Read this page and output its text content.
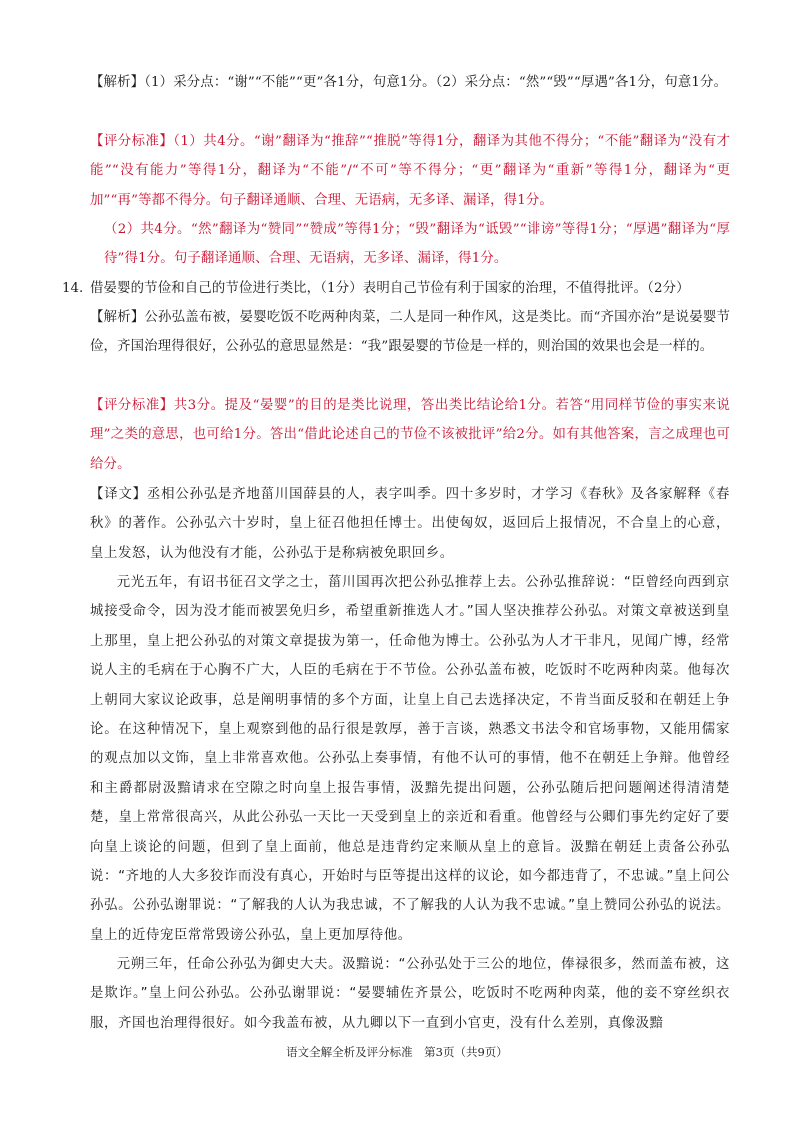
【解析】（1）采分点：“谢”“不能”“更”各1分，句意1分。（2）采分点：“然”“毁”“厚遇”各1分，句意1分。
【评分标准】（1）共4分。“谢”翻译为“推辞”“推脱”等得1分，翻译为其他不得分；“不能”翻译为“没有才能”“没有能力”等得1分，翻译为“不能”/“不可”等不得分；“更”翻译为“重新”等得1分，翻译为“更加”“再”等都不得分。句子翻译通顺、合理、无语病，无多译、漏译，得1分。
（2）共4分。“然”翻译为“赞同”“赞成”等得1分；“毁”翻译为“诋毁”“诽谤”等得1分；“厚遇”翻译为“厚待”得1分。句子翻译通顺、合理、无语病，无多译、漏译，得1分。
14. 借晏婴的节俭和自己的节俭进行类比，（1分）表明自己节俭有利于国家的治理，不值得批评。（2分）
【解析】公孙弘盖布被，晏婴吃饭不吃两种肉菜，二人是同一种作风，这是类比。而“齐国亦治”是说晏婴节俭，齐国治理得很好，公孙弘的意思显然是：“我”跟晏婴的节俭是一样的，则治国的效果也会是一样的。
【评分标准】共3分。提及“晏婴”的目的是类比说理，答出类比结论给1分。若答“用同样节俭的事实来说理”之类的意思，也可给1分。答出“借此论述自己的节俭不该被批评”给2分。如有其他答案，言之成理也可给分。
【译文】丞相公孙弘是齐地菑川国薛县的人，表字叫季。四十多岁时，才学习《春秋》及各家解释《春秋》的著作。公孙弘六十岁时，皇上征召他担任博士。出使匈奴，返回后上报情况，不合皇上的心意，皇上发怒，认为他没有才能，公孙弘于是称病被免职回乡。
元光五年，有诏书征召文学之士，菑川国再次把公孙弘推荐上去。公孙弘推辞说：“臣曾经向西到京城接受命令，因为没才能而被罢免归乡，希望重新推选人才。”国人坚决推荐公孙弘。对策文章被送到皇上那里，皇上把公孙弘的对策文章提拔为第一，任命他为博士。公孙弘为人才干非凡，见闻广博，经常说人主的毛病在于心胸不广大，人臣的毛病在于不节俭。公孙弘盖布被，吃饭时不吃两种肉菜。他每次上朝同大家议论政事，总是阐明事情的多个方面，让皇上自己去选择决定，不肯当面反驳和在朝廷上争论。在这种情况下，皇上观察到他的品行很是敦厚，善于言谈，熟悉文书法令和官场事物，又能用儒家的观点加以文饰，皇上非常喜欢他。公孙弘上奏事情，有他不认可的事情，他不在朝廷上争辩。他曾经和主爵都尉汲黯请求在空隙之时向皇上报告事情，汲黯先提出问题，公孙弘随后把问题阐述得清清楚楚，皇上常常很高兴，从此公孙弘一天比一天受到皇上的亲近和看重。他曾经与公卿们事先约定好了要向皇上谈论的问题，但到了皇上面前，他总是违背约定来顺从皇上的意旨。汲黯在朝廷上责备公孙弘说：“齐地的人大多狡诈而没有真心，开始时与臣等提出这样的议论，如今都违背了，不忠诚。”皇上问公孙弘。公孙弘谢罪说：“了解我的人认为我忠诚，不了解我的人认为我不忠诚。”皇上赞同公孙弘的说法。皇上的近侍宠臣常常毁谤公孙弘，皇上更加厚待他。
元朔三年，任命公孙弘为御史大夫。汲黯说：“公孙弘处于三公的地位，俸禄很多，然而盖布被，这是欺诈。”皇上问公孙弘。公孙弘谢罪说：“晏婴辅佐齐景公，吃饭时不吃两种肉菜，他的妾不穿丝织衣服，齐国也治理得很好。如今我盖布被，从九卿以下一直到小官吏，没有什么差别，真像汲黯
语文全解全析及评分标准　第3页（共9页）
